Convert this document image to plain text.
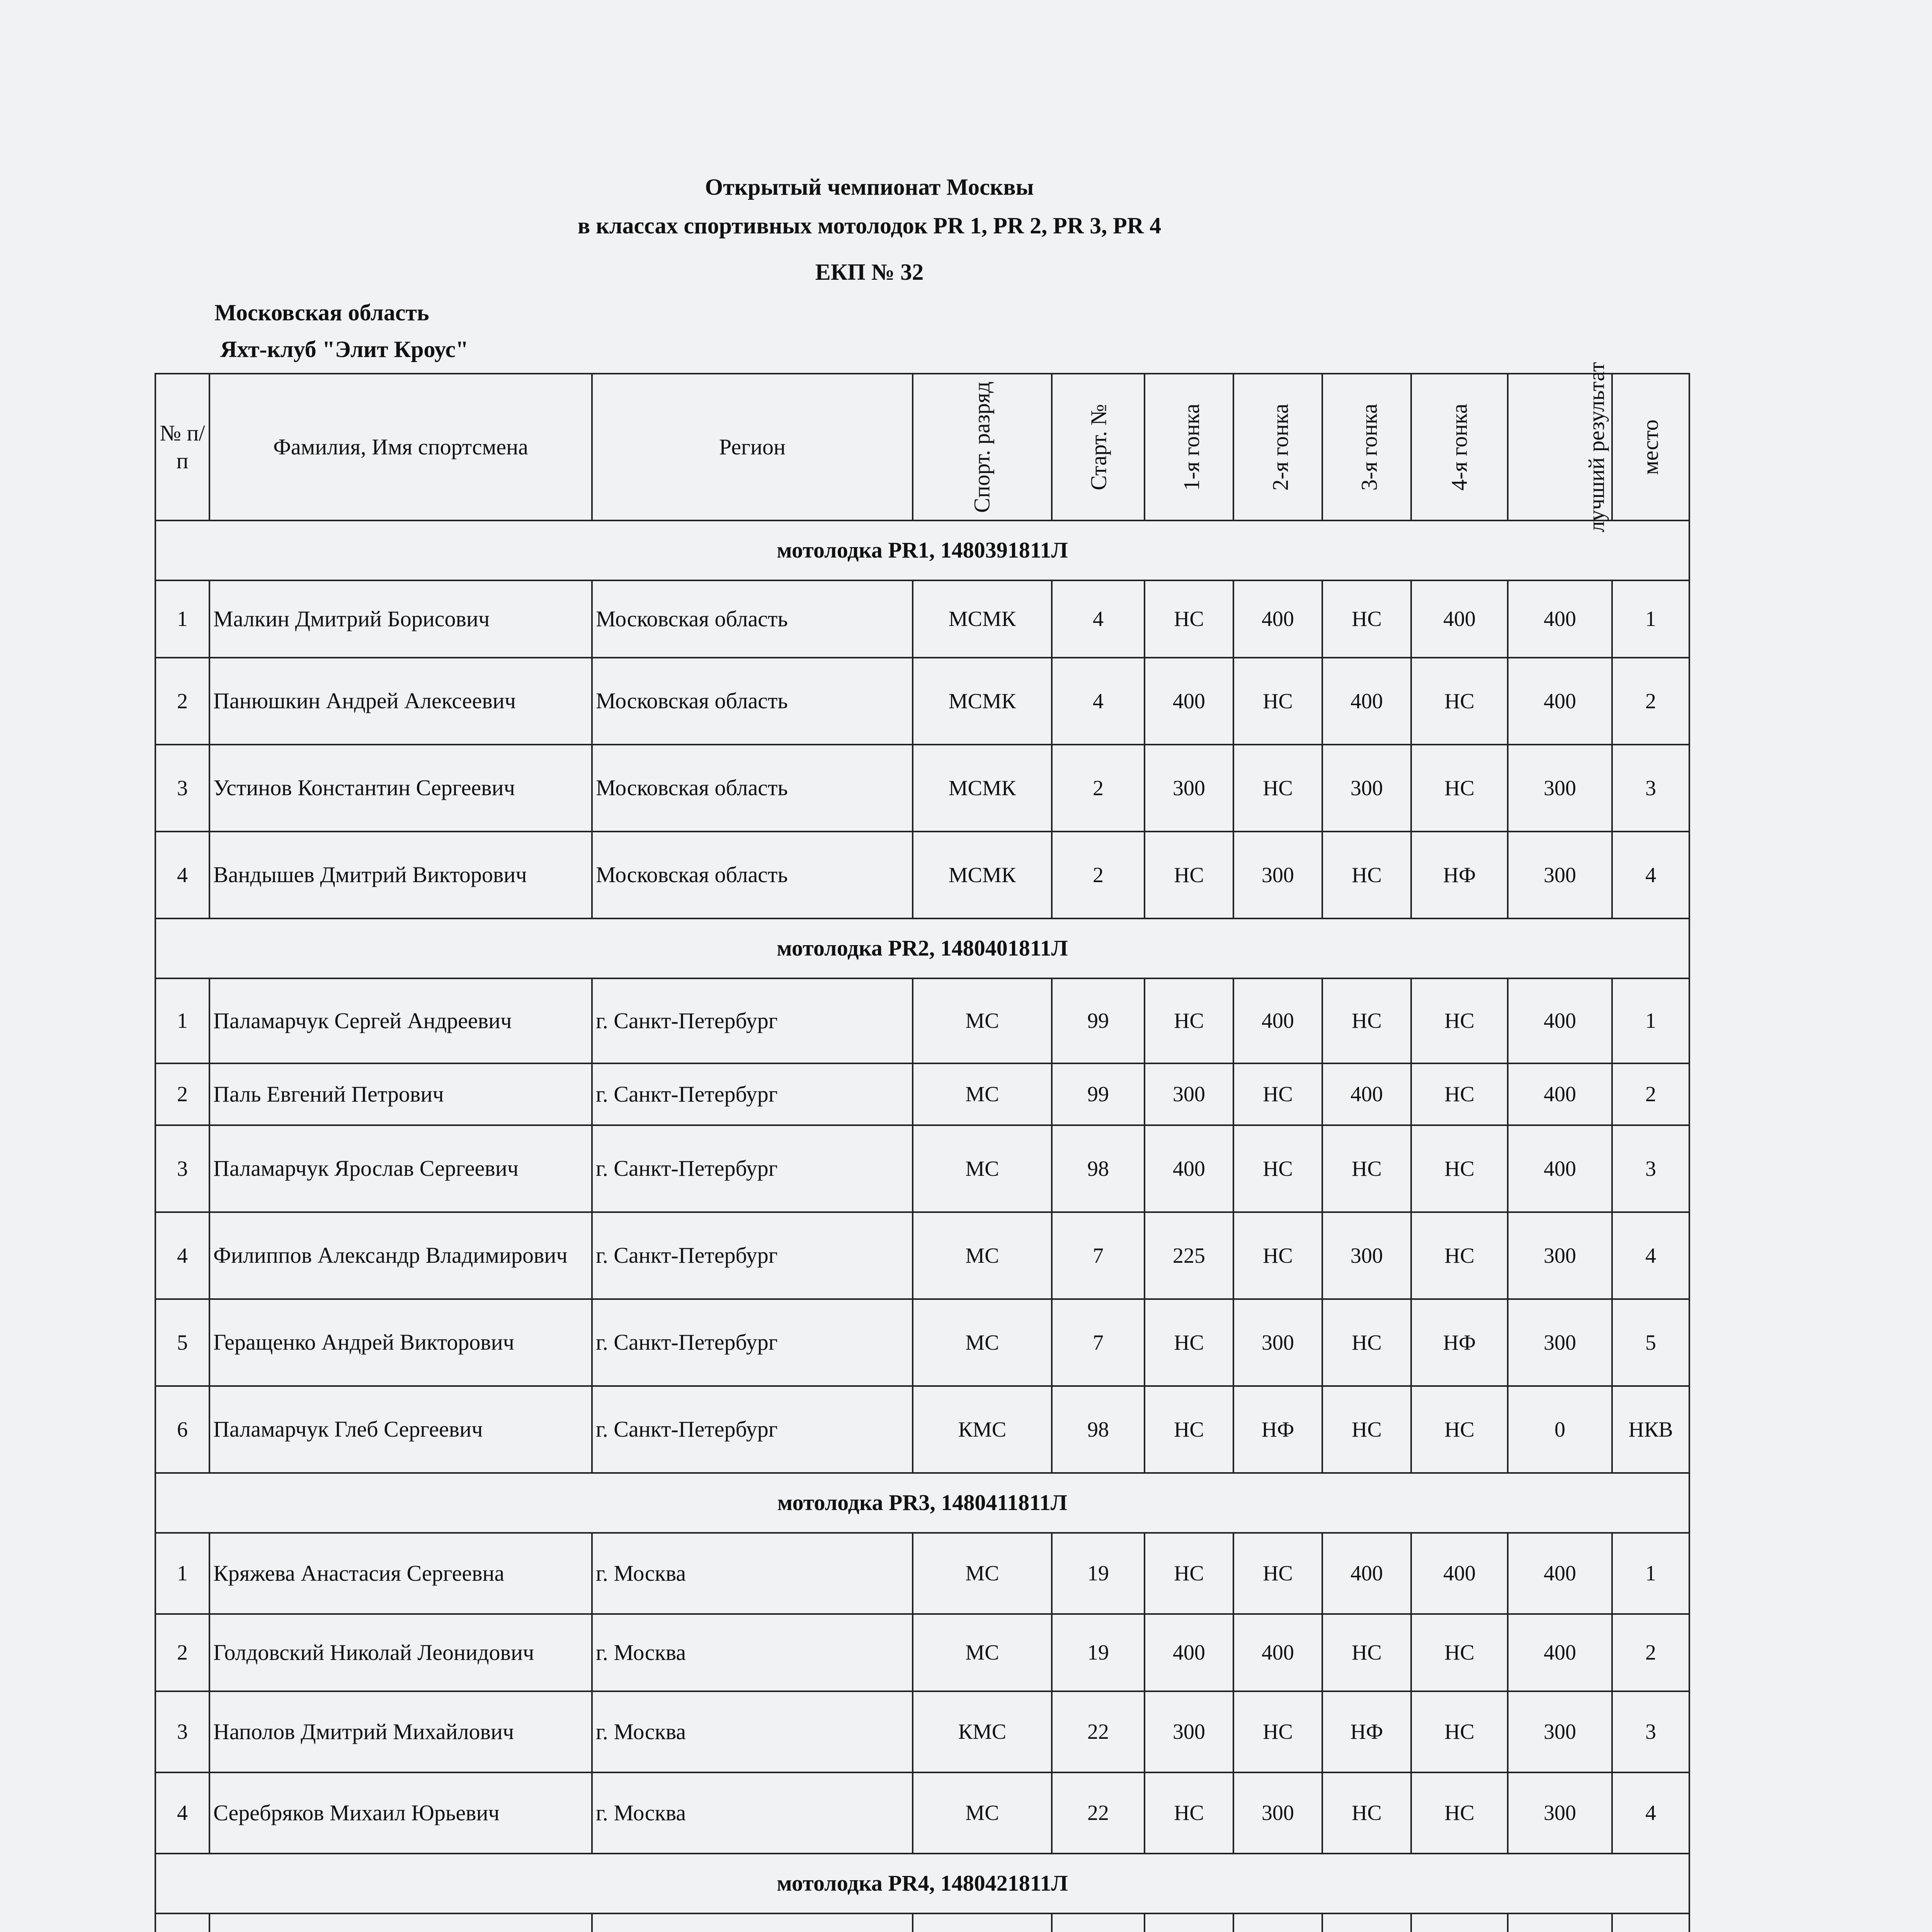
Открытый чемпионат Москвы
в классах спортивных мотолодок PR 1, PR 2, PR 3, PR 4
ЕКП № 32
Московская область
Яхт-клуб "Элит Кроус"
№ п/п	Фамилия, Имя спортсмена	Регион	Спорт. разряд	Старт. №	1-я гонка	2-я гонка	3-я гонка	4-я гонка	лучший результат	место
мотолодка PR1, 1480391811Л										
1	Малкин Дмитрий Борисович	Московская область	МСМК	4	НС	400	НС	400	400	1
2	Панюшкин Андрей Алексеевич	Московская область	МСМК	4	400	НС	400	НС	400	2
3	Устинов Константин Сергеевич	Московская область	МСМК	2	300	НС	300	НС	300	3
4	Вандышев Дмитрий Викторович	Московская область	МСМК	2	НС	300	НС	НФ	300	4
мотолодка PR2, 1480401811Л										
1	Паламарчук Сергей Андреевич	г. Санкт-Петербург	МС	99	НС	400	НС	НС	400	1
2	Паль Евгений Петрович	г. Санкт-Петербург	МС	99	300	НС	400	НС	400	2
3	Паламарчук Ярослав Сергеевич	г. Санкт-Петербург	МС	98	400	НС	НС	НС	400	3
4	Филиппов Александр Владимирович	г. Санкт-Петербург	МС	7	225	НС	300	НС	300	4
5	Геращенко Андрей Викторович	г. Санкт-Петербург	МС	7	НС	300	НС	НФ	300	5
6	Паламарчук Глеб Сергеевич	г. Санкт-Петербург	КМС	98	НС	НФ	НС	НС	0	НКВ
мотолодка PR3, 1480411811Л										
1	Кряжева Анастасия Сергеевна	г. Москва	МС	19	НС	НС	400	400	400	1
2	Голдовский Николай Леонидович	г. Москва	МС	19	400	400	НС	НС	400	2
3	Наполов Дмитрий Михайлович	г. Москва	КМС	22	300	НС	НФ	НС	300	3
4	Серебряков Михаил Юрьевич	г. Москва	МС	22	НС	300	НС	НС	300	4
мотолодка PR4, 1480421811Л										
